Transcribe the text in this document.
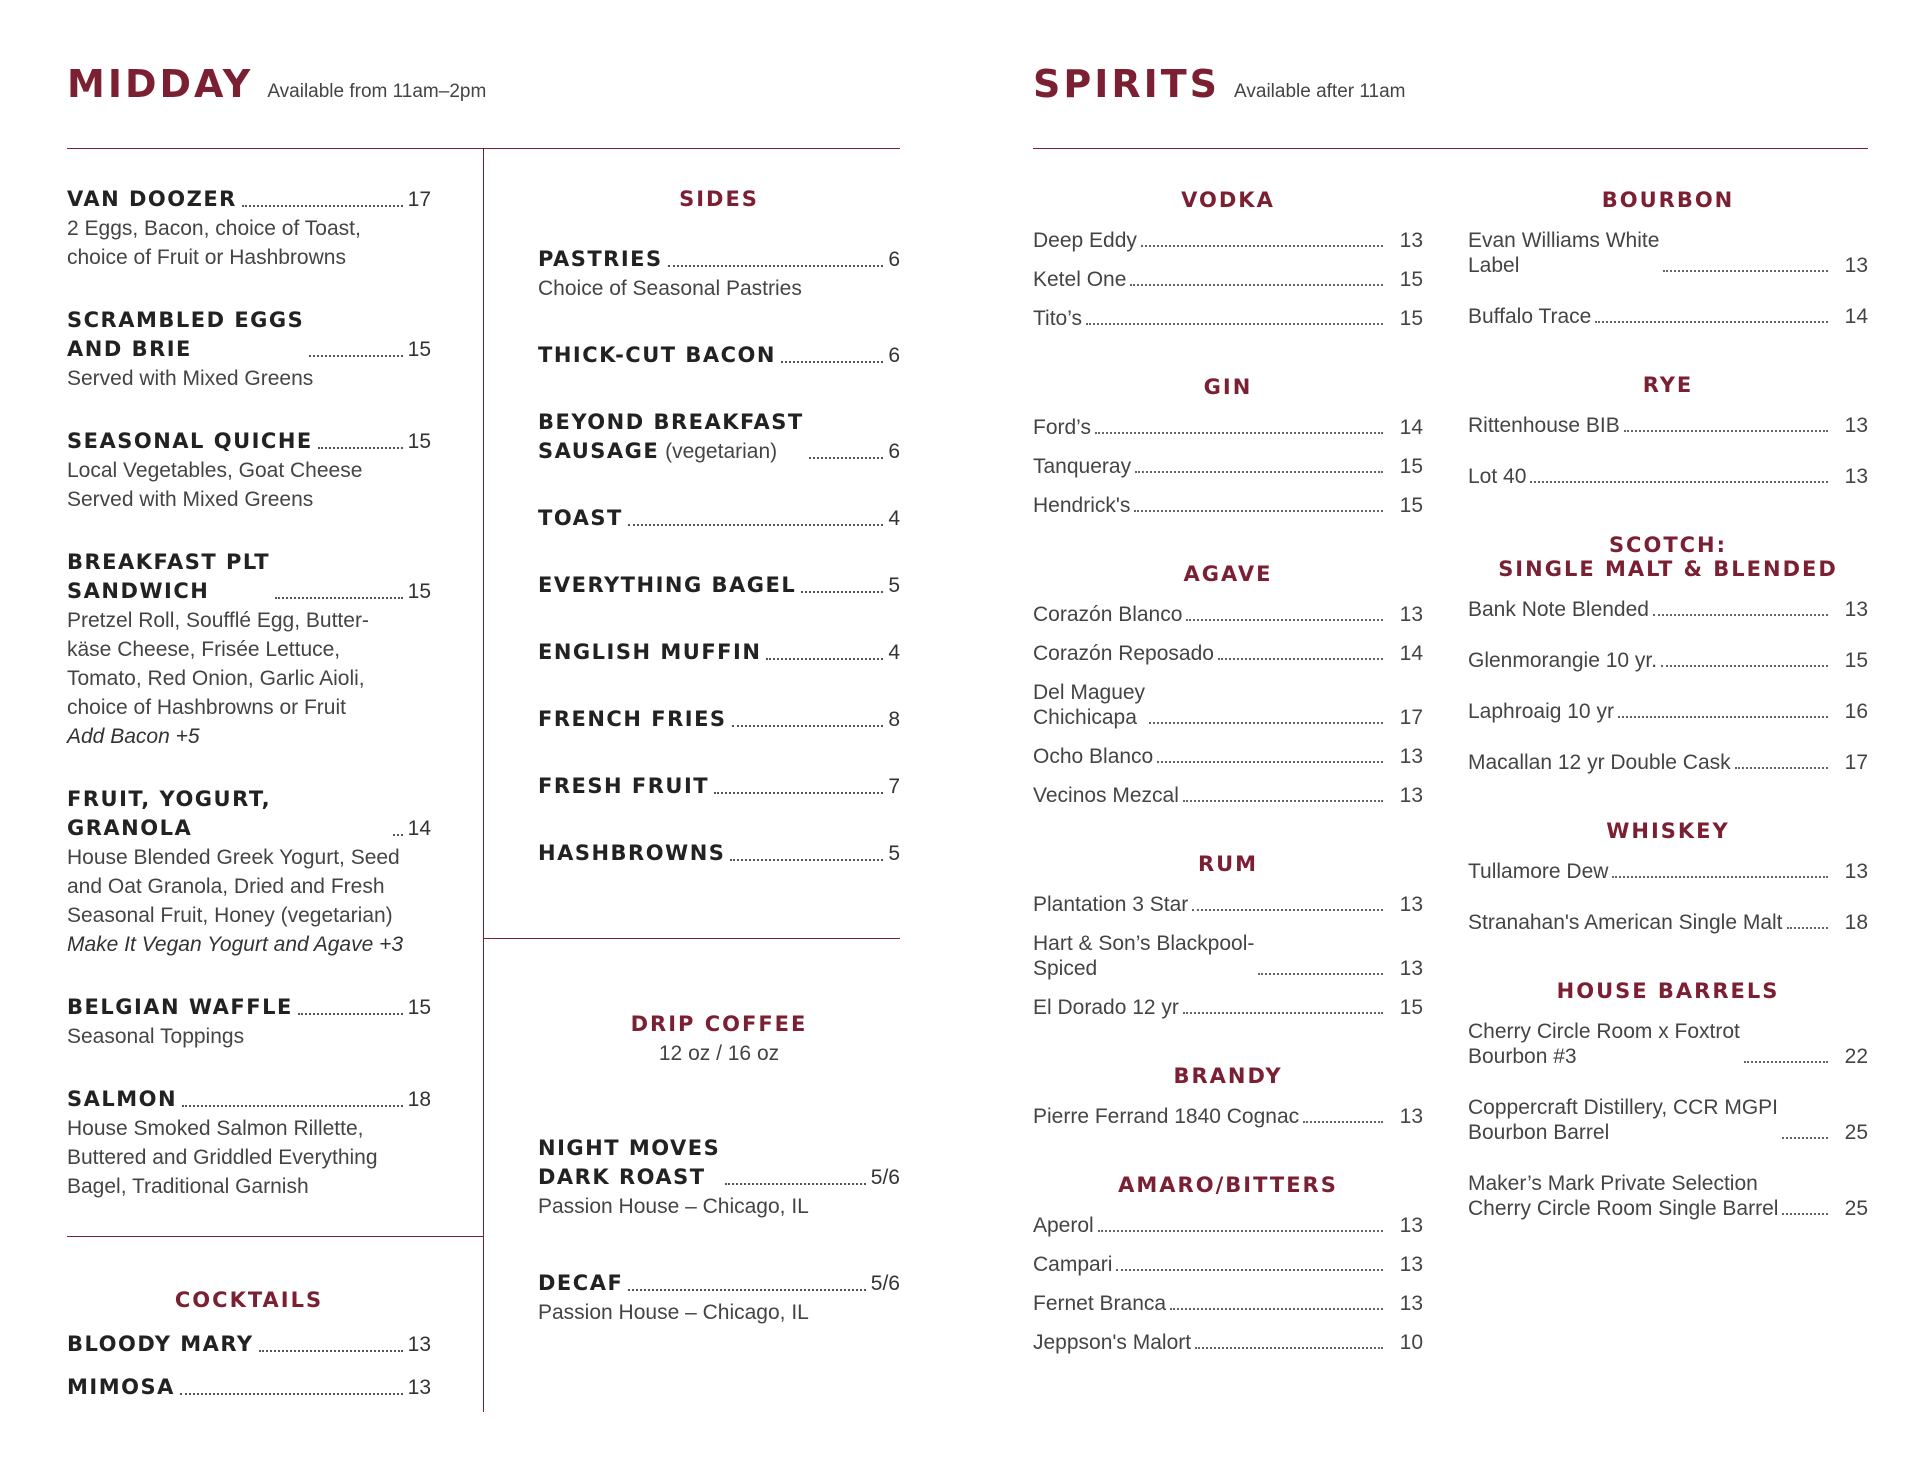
MIDDAY Available from 11am–2pm	SPIRITS Available after 11am
VAN DOOZER	17
2 Eggs, Bacon, choice of Toast,
choice of Fruit or Hashbrowns
SCRAMBLED EGGS
AND BRIE	15
Served with Mixed Greens
SEASONAL QUICHE	15
Local Vegetables, Goat Cheese
Served with Mixed Greens
BREAKFAST PLT
SANDWICH	15
Pretzel Roll, Soufflé Egg, Butter-
käse Cheese, Frisée Lettuce,
Tomato, Red Onion, Garlic Aioli,
choice of Hashbrowns or Fruit
Add Bacon +5
FRUIT, YOGURT, GRANOLA	14
House Blended Greek Yogurt, Seed
and Oat Granola, Dried and Fresh
Seasonal Fruit, Honey (vegetarian)
Make It Vegan Yogurt and Agave +3
BELGIAN WAFFLE	15
Seasonal Toppings
SALMON	18
House Smoked Salmon Rillette,
Buttered and Griddled Everything
Bagel, Traditional Garnish
COCKTAILS
BLOODY MARY	13
MIMOSA	13
SIDES
PASTRIES	6
Choice of Seasonal Pastries
THICK-CUT BACON	6
BEYOND BREAKFAST
SAUSAGE (vegetarian)	6
TOAST	4
EVERYTHING BAGEL	5
ENGLISH MUFFIN	4
FRENCH FRIES	8
FRESH FRUIT	7
HASHBROWNS	5
DRIP COFFEE
12 oz / 16 oz
NIGHT MOVES
DARK ROAST	5/6
Passion House – Chicago, IL
DECAF	5/6
Passion House – Chicago, IL
VODKA
Deep Eddy	13
Ketel One	15
Tito’s	15
GIN
Ford’s	14
Tanqueray	15
Hendrick's	15
AGAVE
Corazón Blanco	13
Corazón Reposado	14
Del Maguey
Chichicapa	17
Ocho Blanco	13
Vecinos Mezcal	13
RUM
Plantation 3 Star	13
Hart & Son’s Blackpool-
Spiced	13
El Dorado 12 yr	15
BRANDY
Pierre Ferrand 1840 Cognac	13
AMARO/BITTERS
Aperol	13
Campari	13
Fernet Branca	13
Jeppson's Malort	10
BOURBON
Evan Williams White
Label	13
Buffalo Trace	14
RYE
Rittenhouse BIB	13
Lot 40	13
SCOTCH:
SINGLE MALT & BLENDED
Bank Note Blended	13
Glenmorangie 10 yr.	15
Laphroaig 10 yr	16
Macallan 12 yr Double Cask	17
WHISKEY
Tullamore Dew	13
Stranahan's American Single Malt	18
HOUSE BARRELS
Cherry Circle Room x Foxtrot
Bourbon #3	22
Coppercraft Distillery, CCR MGPI
Bourbon Barrel	25
Maker’s Mark Private Selection
Cherry Circle Room Single Barrel	25
